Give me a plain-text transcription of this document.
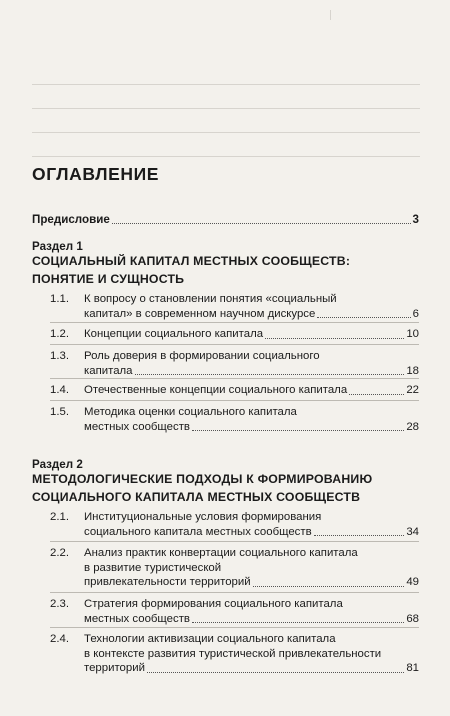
ОГЛАВЛЕНИЕ
Предисловие	3
Раздел 1
СОЦИАЛЬНЫЙ КАПИТАЛ МЕСТНЫХ СООБЩЕСТВ:
ПОНЯТИЕ И СУЩНОСТЬ
1.1. К вопросу о становлении понятия «социальный
капитал» в современном научном дискурсе	6
1.2. Концепции социального капитала	10
1.3. Роль доверия в формировании социального
капитала	18
1.4. Отечественные концепции социального капитала	22
1.5. Методика оценки социального капитала
местных сообществ	28
Раздел 2
МЕТОДОЛОГИЧЕСКИЕ ПОДХОДЫ К ФОРМИРОВАНИЮ
СОЦИАЛЬНОГО КАПИТАЛА МЕСТНЫХ СООБЩЕСТВ
2.1. Институциональные условия формирования
социального капитала местных сообществ	34
2.2. Анализ практик конвертации социального капитала
в развитие туристической
привлекательности территорий	49
2.3. Стратегия формирования социального капитала
местных сообществ	68
2.4. Технологии активизации социального капитала
в контексте развития туристической привлекательности
территорий	81
